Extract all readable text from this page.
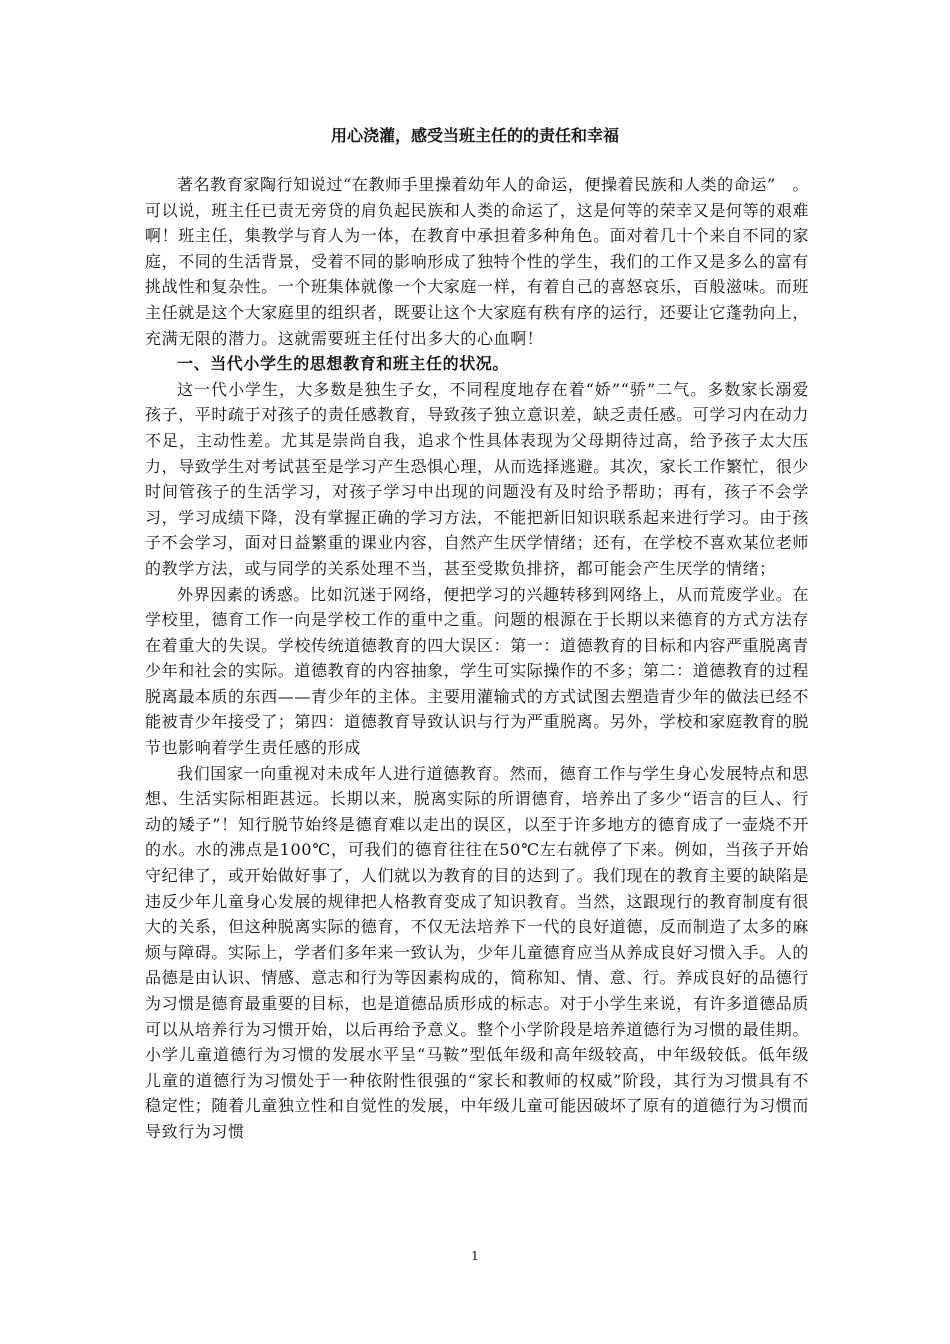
用心浇灌，感受当班主任的的责任和幸福

著名教育家陶行知说过“在教师手里操着幼年人的命运，便操着民族和人类的命运”　。可以说，班主任已责无旁贷的肩负起民族和人类的命运了，这是何等的荣幸又是何等的艰难啊！班主任，集教学与育人为一体，在教育中承担着多种角色。面对着几十个来自不同的家庭，不同的生活背景，受着不同的影响形成了独特个性的学生，我们的工作又是多么的富有挑战性和复杂性。一个班集体就像一个大家庭一样，有着自己的喜怒哀乐，百般滋味。而班主任就是这个大家庭里的组织者，既要让这个大家庭有秩有序的运行，还要让它蓬勃向上，充满无限的潜力。这就需要班主任付出多大的心血啊！

一、当代小学生的思想教育和班主任的状况。

这一代小学生，大多数是独生子女，不同程度地存在着“娇”“骄”二气。多数家长溺爱孩子，平时疏于对孩子的责任感教育，导致孩子独立意识差，缺乏责任感。可学习内在动力不足，主动性差。尤其是崇尚自我，追求个性具体表现为父母期待过高，给予孩子太大压力，导致学生对考试甚至是学习产生恐惧心理，从而选择逃避。其次，家长工作繁忙，很少时间管孩子的生活学习，对孩子学习中出现的问题没有及时给予帮助；再有，孩子不会学习，学习成绩下降，没有掌握正确的学习方法，不能把新旧知识联系起来进行学习。由于孩子不会学习，面对日益繁重的课业内容，自然产生厌学情绪；还有，在学校不喜欢某位老师的教学方法，或与同学的关系处理不当，甚至受欺负排挤，都可能会产生厌学的情绪；

外界因素的诱惑。比如沉迷于网络，便把学习的兴趣转移到网络上，从而荒废学业。在学校里，德育工作一向是学校工作的重中之重。问题的根源在于长期以来德育的方式方法存在着重大的失误。学校传统道德教育的四大误区：第一：道德教育的目标和内容严重脱离青少年和社会的实际。道德教育的内容抽象，学生可实际操作的不多；第二：道德教育的过程脱离最本质的东西——青少年的主体。主要用灌输式的方式试图去塑造青少年的做法已经不能被青少年接受了；第四：道德教育导致认识与行为严重脱离。另外，学校和家庭教育的脱节也影响着学生责任感的形成

我们国家一向重视对未成年人进行道德教育。然而，德育工作与学生身心发展特点和思想、生活实际相距甚远。长期以来，脱离实际的所谓德育，培养出了多少“语言的巨人、行动的矮子”！知行脱节始终是德育难以走出的误区，以至于许多地方的德育成了一壶烧不开的水。水的沸点是100℃，可我们的德育往往在50℃左右就停了下来。例如，当孩子开始守纪律了，或开始做好事了，人们就以为教育的目的达到了。我们现在的教育主要的缺陷是违反少年儿童身心发展的规律把人格教育变成了知识教育。当然，这跟现行的教育制度有很大的关系，但这种脱离实际的德育，不仅无法培养下一代的良好道德，反而制造了太多的麻烦与障碍。实际上，学者们多年来一致认为，少年儿童德育应当从养成良好习惯入手。人的品德是由认识、情感、意志和行为等因素构成的，简称知、情、意、行。养成良好的品德行为习惯是德育最重要的目标，也是道德品质形成的标志。对于小学生来说，有许多道德品质可以从培养行为习惯开始，以后再给予意义。整个小学阶段是培养道德行为习惯的最佳期。小学儿童道德行为习惯的发展水平呈“马鞍”型低年级和高年级较高，中年级较低。低年级儿童的道德行为习惯处于一种依附性很强的“家长和教师的权威”阶段，其行为习惯具有不稳定性；随着儿童独立性和自觉性的发展，中年级儿童可能因破坏了原有的道德行为习惯而导致行为习惯

1
